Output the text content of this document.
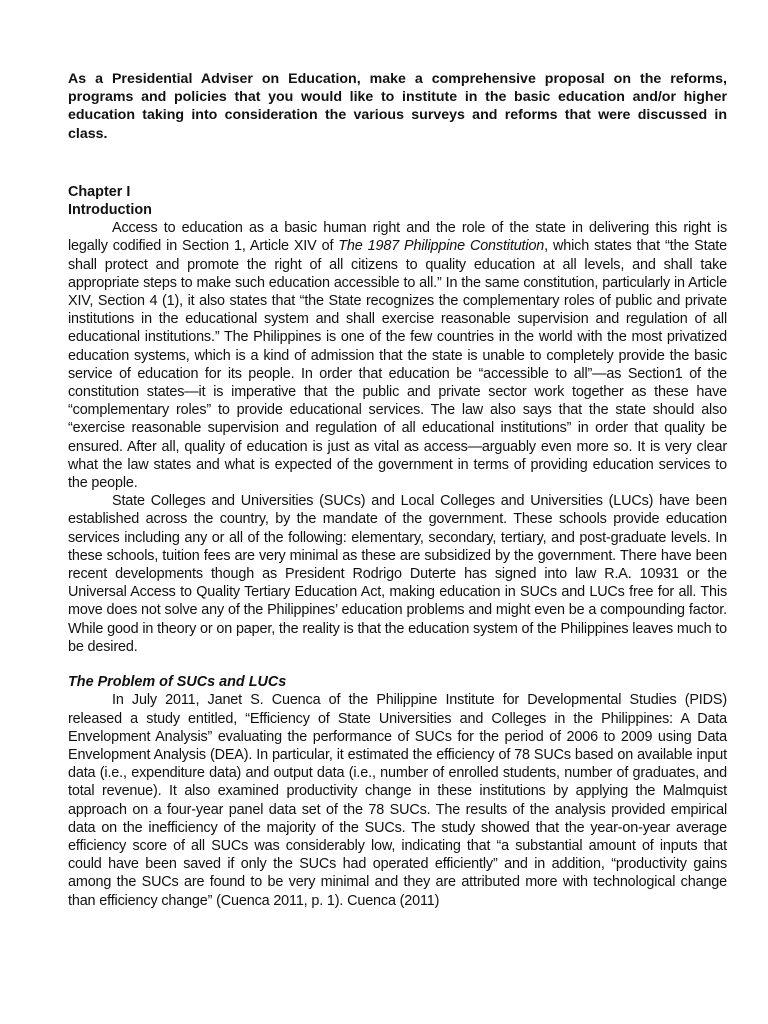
As a Presidential Adviser on Education, make a comprehensive proposal on the reforms, programs and policies that you would like to institute in the basic education and/or higher education taking into consideration the various surveys and reforms that were discussed in class.

Chapter I

Introduction

Access to education as a basic human right and the role of the state in delivering this right is legally codified in Section 1, Article XIV of The 1987 Philippine Constitution, which states that “the State shall protect and promote the right of all citizens to quality education at all levels, and shall take appropriate steps to make such education accessible to all.” In the same constitution, particularly in Article XIV, Section 4 (1), it also states that “the State recognizes the complementary roles of public and private institutions in the educational system and shall exercise reasonable supervision and regulation of all educational institutions.” The Philippines is one of the few countries in the world with the most privatized education systems, which is a kind of admission that the state is unable to completely provide the basic service of education for its people. In order that education be “accessible to all”—as Section1 of the constitution states—it is imperative that the public and private sector work together as these have “complementary roles” to provide educational services. The law also says that the state should also “exercise reasonable supervision and regulation of all educational institutions” in order that quality be ensured. After all, quality of education is just as vital as access—arguably even more so. It is very clear what the law states and what is expected of the government in terms of providing education services to the people.

State Colleges and Universities (SUCs) and Local Colleges and Universities (LUCs) have been established across the country, by the mandate of the government. These schools provide education services including any or all of the following: elementary, secondary, tertiary, and post-graduate levels. In these schools, tuition fees are very minimal as these are subsidized by the government. There have been recent developments though as President Rodrigo Duterte has signed into law R.A. 10931 or the Universal Access to Quality Tertiary Education Act, making education in SUCs and LUCs free for all. This move does not solve any of the Philippines’ education problems and might even be a compounding factor. While good in theory or on paper, the reality is that the education system of the Philippines leaves much to be desired.

The Problem of SUCs and LUCs

In July 2011, Janet S. Cuenca of the Philippine Institute for Developmental Studies (PIDS) released a study entitled, “Efficiency of State Universities and Colleges in the Philippines: A Data Envelopment Analysis” evaluating the performance of SUCs for the period of 2006 to 2009 using Data Envelopment Analysis (DEA). In particular, it estimated the efficiency of 78 SUCs based on available input data (i.e., expenditure data) and output data (i.e., number of enrolled students, number of graduates, and total revenue). It also examined productivity change in these institutions by applying the Malmquist approach on a four-year panel data set of the 78 SUCs. The results of the analysis provided empirical data on the inefficiency of the majority of the SUCs. The study showed that the year-on-year average efficiency score of all SUCs was considerably low, indicating that “a substantial amount of inputs that could have been saved if only the SUCs had operated efficiently” and in addition, “productivity gains among the SUCs are found to be very minimal and they are attributed more with technological change than efficiency change” (Cuenca 2011, p. 1). Cuenca (2011)
